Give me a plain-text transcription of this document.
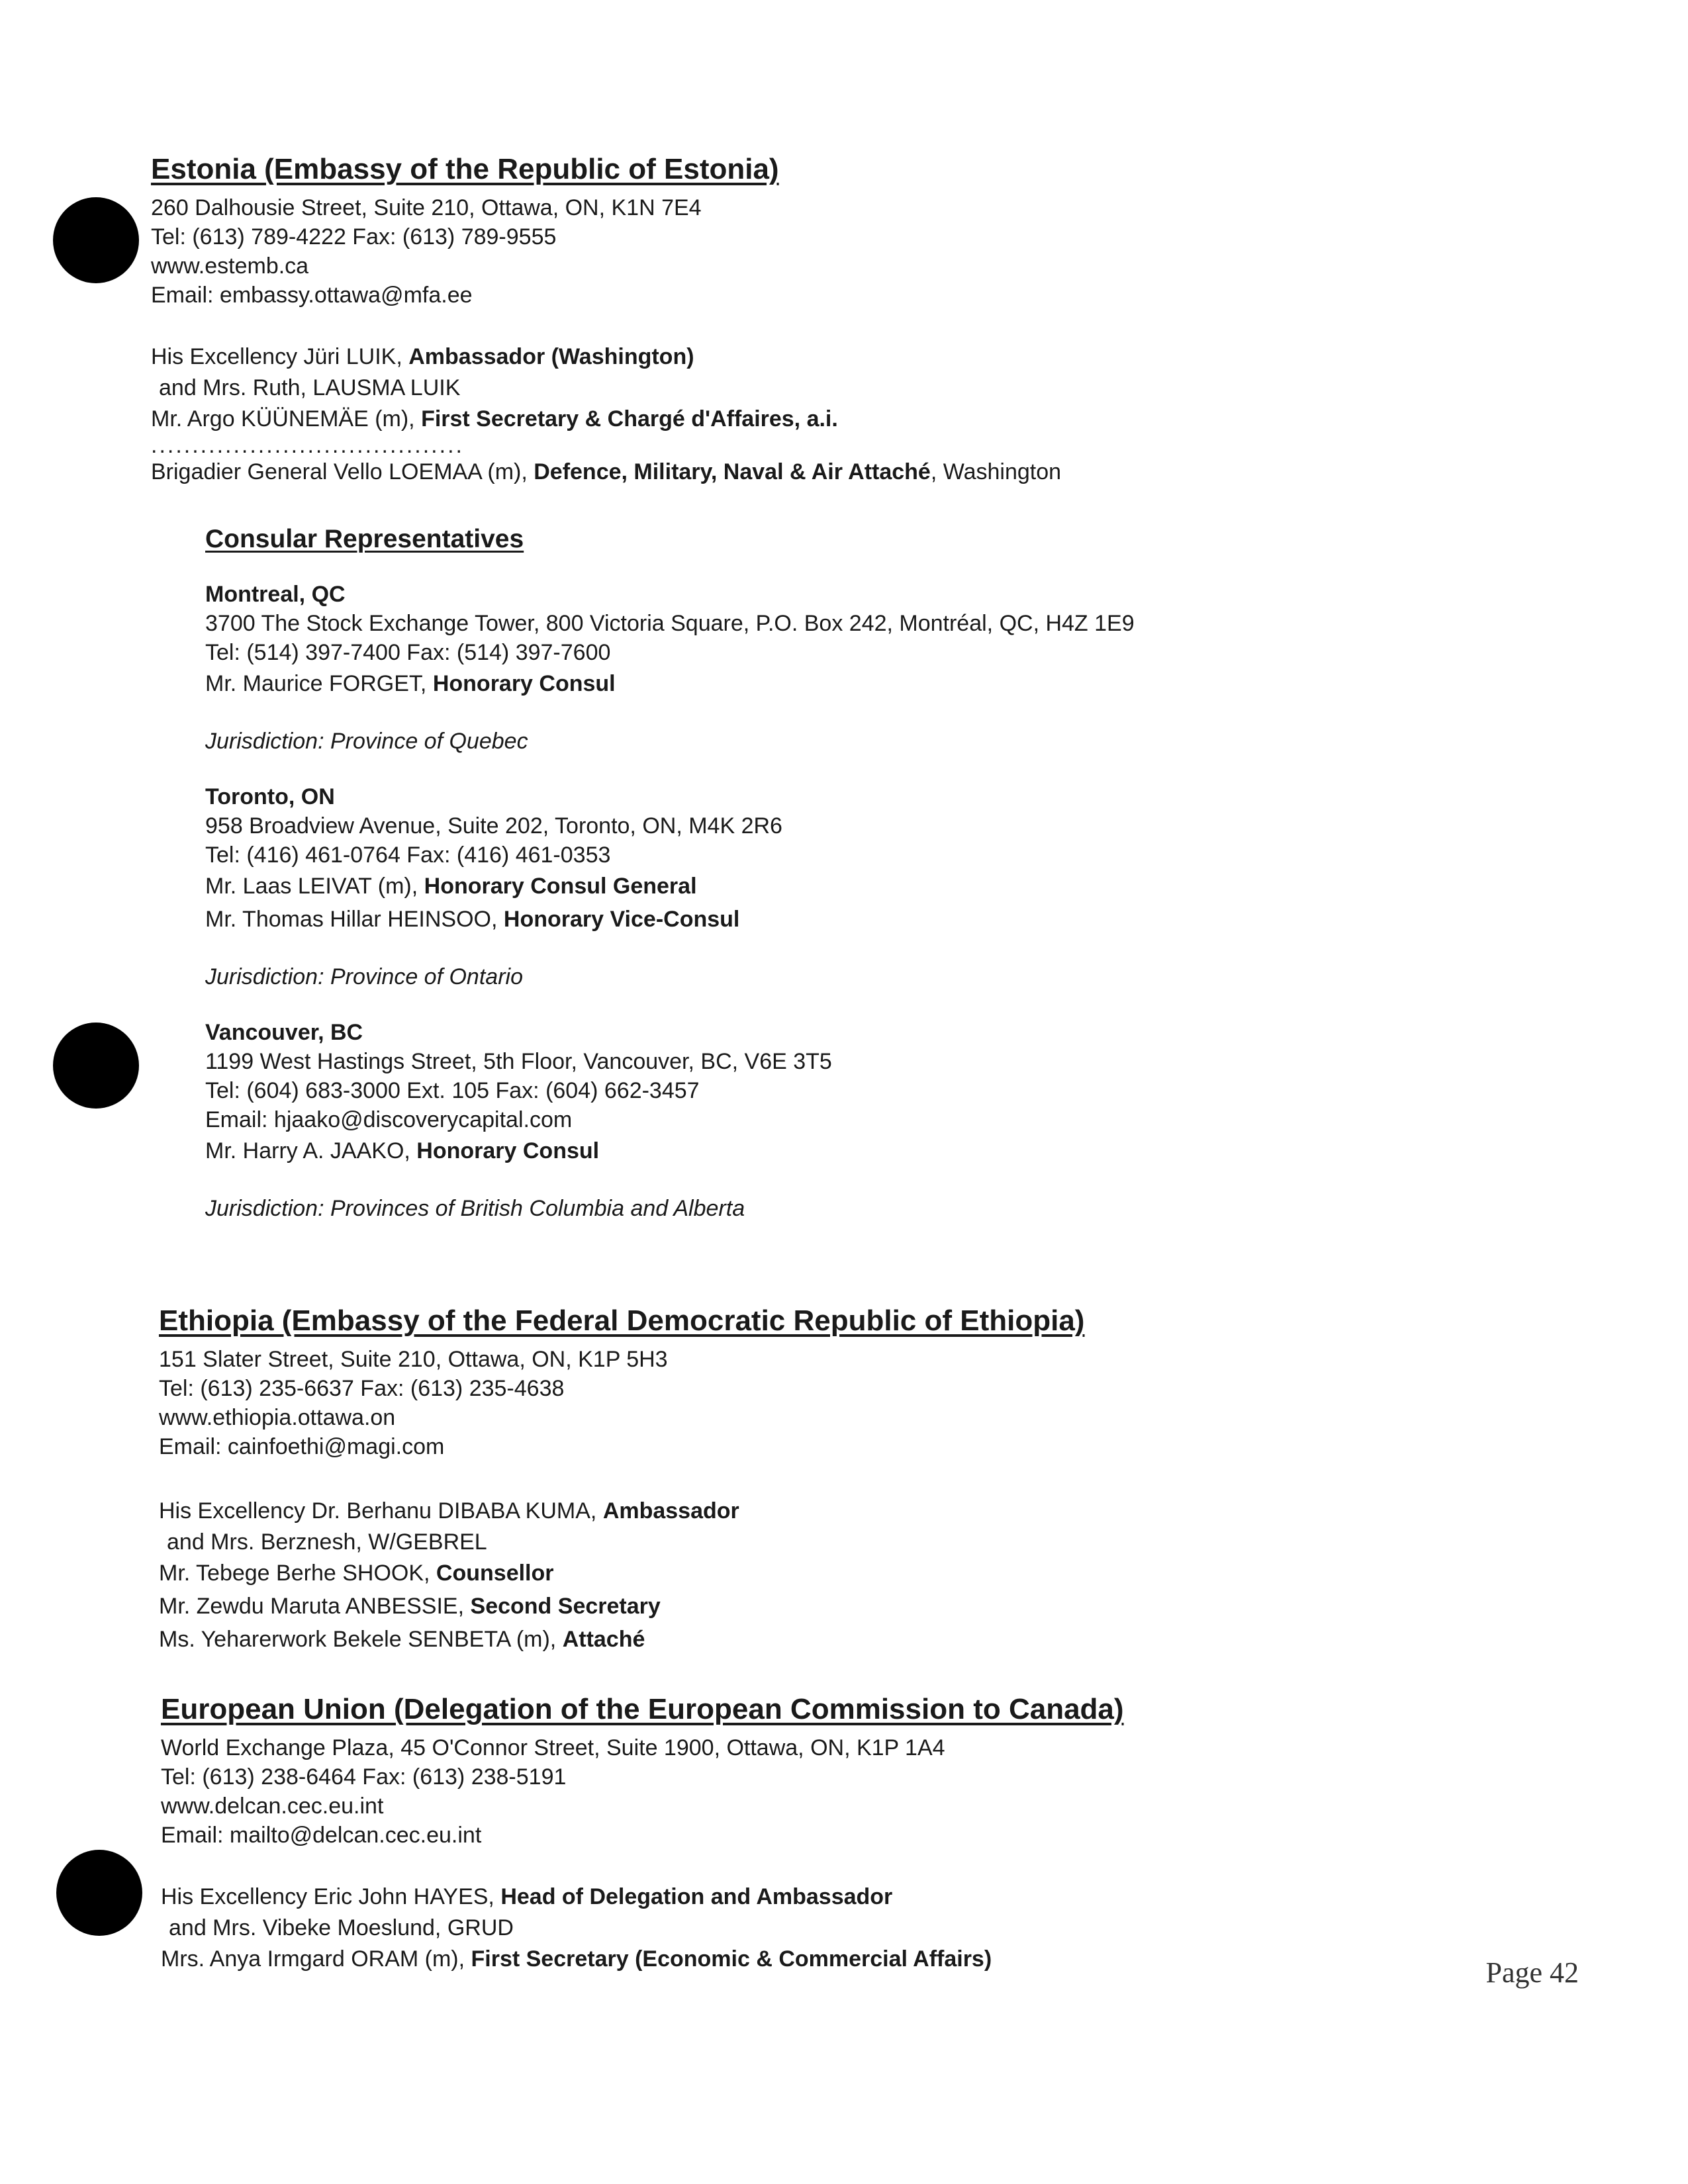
Estonia (Embassy of the Republic of Estonia)
260 Dalhousie Street, Suite 210, Ottawa, ON, K1N 7E4
Tel: (613) 789-4222 Fax: (613) 789-9555
www.estemb.ca
Email: embassy.ottawa@mfa.ee
His Excellency Jüri LUIK, Ambassador (Washington)
and Mrs. Ruth, LAUSMA LUIK
Mr. Argo KÜÜNEMÄE (m), First Secretary & Chargé d'Affaires, a.i.
......................................
Brigadier General Vello LOEMAA (m), Defence, Military, Naval & Air Attaché, Washington
Consular Representatives
Montreal, QC
3700 The Stock Exchange Tower, 800 Victoria Square, P.O. Box 242, Montréal, QC, H4Z 1E9
Tel: (514) 397-7400 Fax: (514) 397-7600
Mr. Maurice FORGET, Honorary Consul
Jurisdiction: Province of Quebec
Toronto, ON
958 Broadview Avenue, Suite 202, Toronto, ON, M4K 2R6
Tel: (416) 461-0764 Fax: (416) 461-0353
Mr. Laas LEIVAT (m), Honorary Consul General
Mr. Thomas Hillar HEINSOO, Honorary Vice-Consul
Jurisdiction: Province of Ontario
Vancouver, BC
1199 West Hastings Street, 5th Floor, Vancouver, BC, V6E 3T5
Tel: (604) 683-3000 Ext. 105 Fax: (604) 662-3457
Email: hjaako@discoverycapital.com
Mr. Harry A. JAAKO, Honorary Consul
Jurisdiction: Provinces of British Columbia and Alberta
Ethiopia (Embassy of the Federal Democratic Republic of Ethiopia)
151 Slater Street, Suite 210, Ottawa, ON, K1P 5H3
Tel: (613) 235-6637 Fax: (613) 235-4638
www.ethiopia.ottawa.on
Email: cainfoethi@magi.com
His Excellency Dr. Berhanu DIBABA KUMA, Ambassador
and Mrs. Berznesh, W/GEBREL
Mr. Tebege Berhe SHOOK, Counsellor
Mr. Zewdu Maruta ANBESSIE, Second Secretary
Ms. Yeharerwork Bekele SENBETA (m), Attaché
European Union (Delegation of the European Commission to Canada)
World Exchange Plaza, 45 O'Connor Street, Suite 1900, Ottawa, ON, K1P 1A4
Tel: (613) 238-6464 Fax: (613) 238-5191
www.delcan.cec.eu.int
Email: mailto@delcan.cec.eu.int
His Excellency Eric John HAYES, Head of Delegation and Ambassador
and Mrs. Vibeke Moeslund, GRUD
Mrs. Anya Irmgard ORAM (m), First Secretary (Economic & Commercial Affairs)	Page 42
